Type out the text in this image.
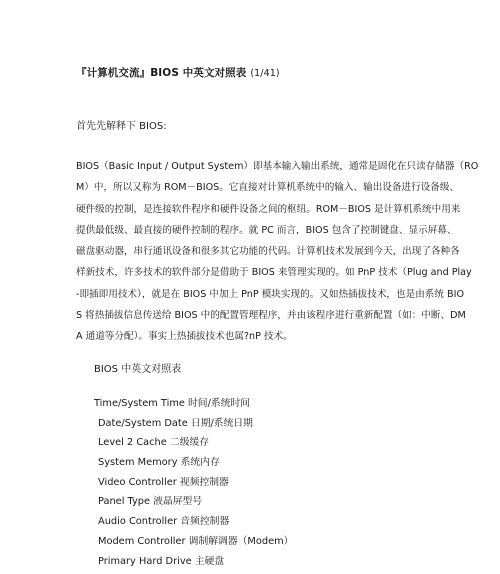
『计算机交流』BIOS 中英文对照表 (1/41)
首先先解释下 BIOS:
BIOS（Basic Input / Output System）即基本输入输出系统，通常是固化在只读存储器（RO
M）中，所以又称为 ROM－BIOS。它直接对计算机系统中的输入、输出设备进行设备级、
硬件级的控制，是连接软件程序和硬件设备之间的枢纽。ROM－BIOS 是计算机系统中用来
提供最低级、最直接的硬件控制的程序。就 PC 而言，BIOS 包含了控制键盘、显示屏幕、
磁盘驱动器，串行通讯设备和很多其它功能的代码。计算机技术发展到今天，出现了各种各
样新技术，许多技术的软件部分是借助于 BIOS 来管理实现的。如 PnP 技术（Plug and Play
-即插即用技术），就是在 BIOS 中加上 PnP 模块实现的。又如热插拔技术，也是由系统 BIO
S 将热插拔信息传送给 BIOS 中的配置管理程序，并由该程序进行重新配置（如：中断、DM
A 通道等分配）。事实上热插拔技术也属?nP 技术。
BIOS 中英文对照表
Time/System Time 时间/系统时间
Date/System Date 日期/系统日期
Level 2 Cache 二级缓存
System Memory 系统内存
Video Controller 视频控制器
Panel Type 液晶屏型号
Audio Controller 音频控制器
Modem Controller 调制解调器（Modem）
Primary Hard Drive 主硬盘
